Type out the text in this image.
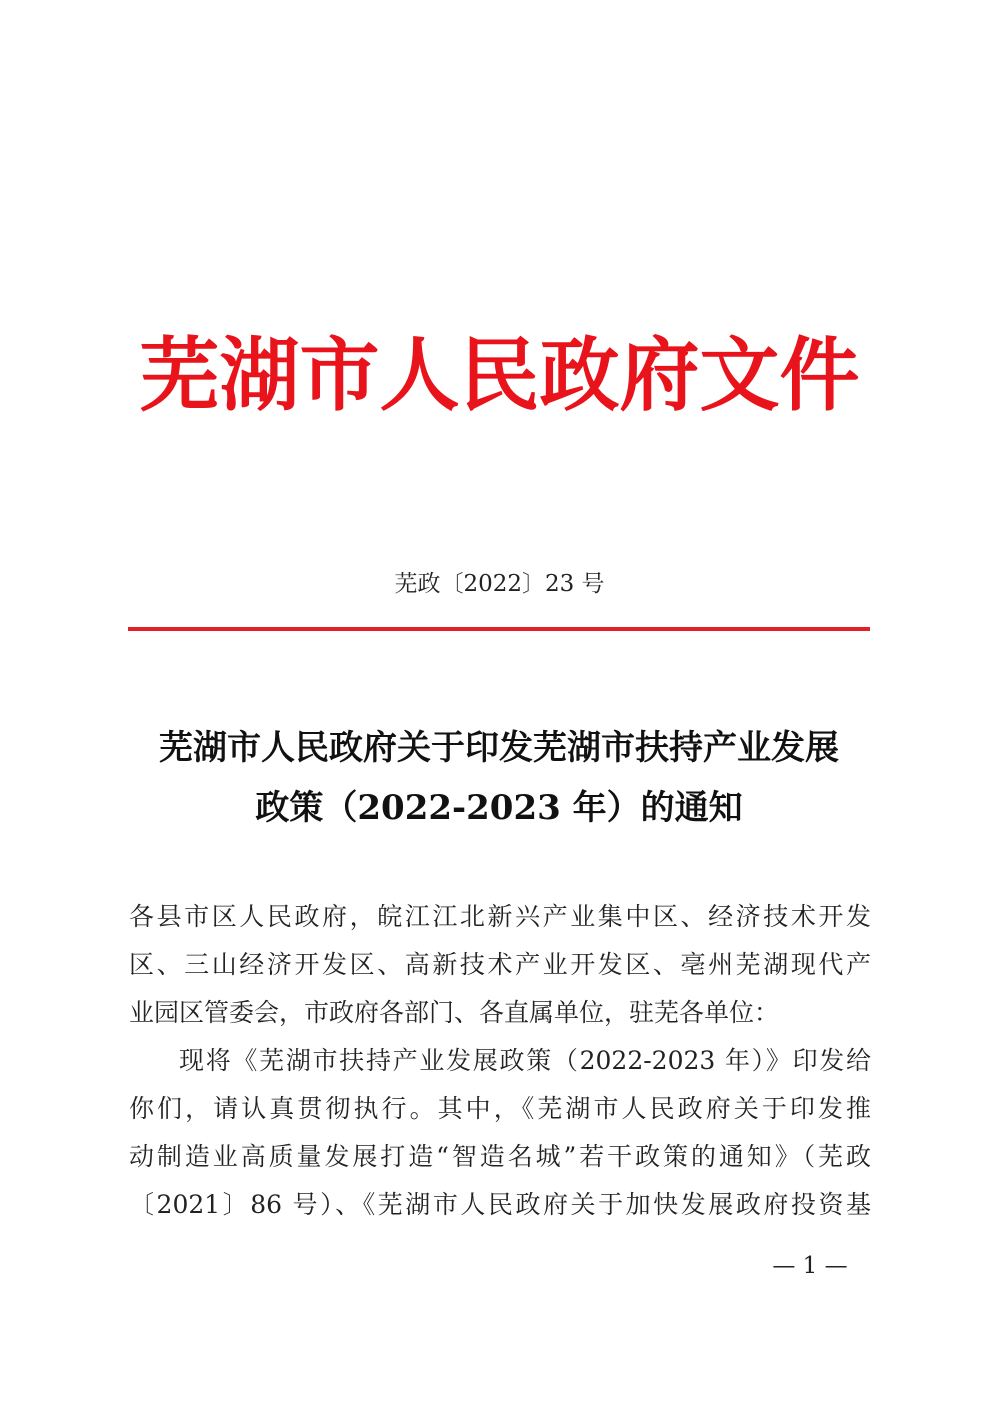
芜湖市人民政府文件
芜政〔2022〕23 号
芜湖市人民政府关于印发芜湖市扶持产业发展
政策（2022-2023 年）的通知
各县市区人民政府，皖江江北新兴产业集中区、经济技术开发
区、三山经济开发区、高新技术产业开发区、亳州芜湖现代产
业园区管委会，市政府各部门、各直属单位，驻芜各单位：
现将《芜湖市扶持产业发展政策（2022-2023 年）》印发给
你们，请认真贯彻执行。其中，《芜湖市人民政府关于印发推
动制造业高质量发展打造“智造名城”若干政策的通知》（芜政
〔2021〕86 号）、《芜湖市人民政府关于加快发展政府投资基
— 1 —
